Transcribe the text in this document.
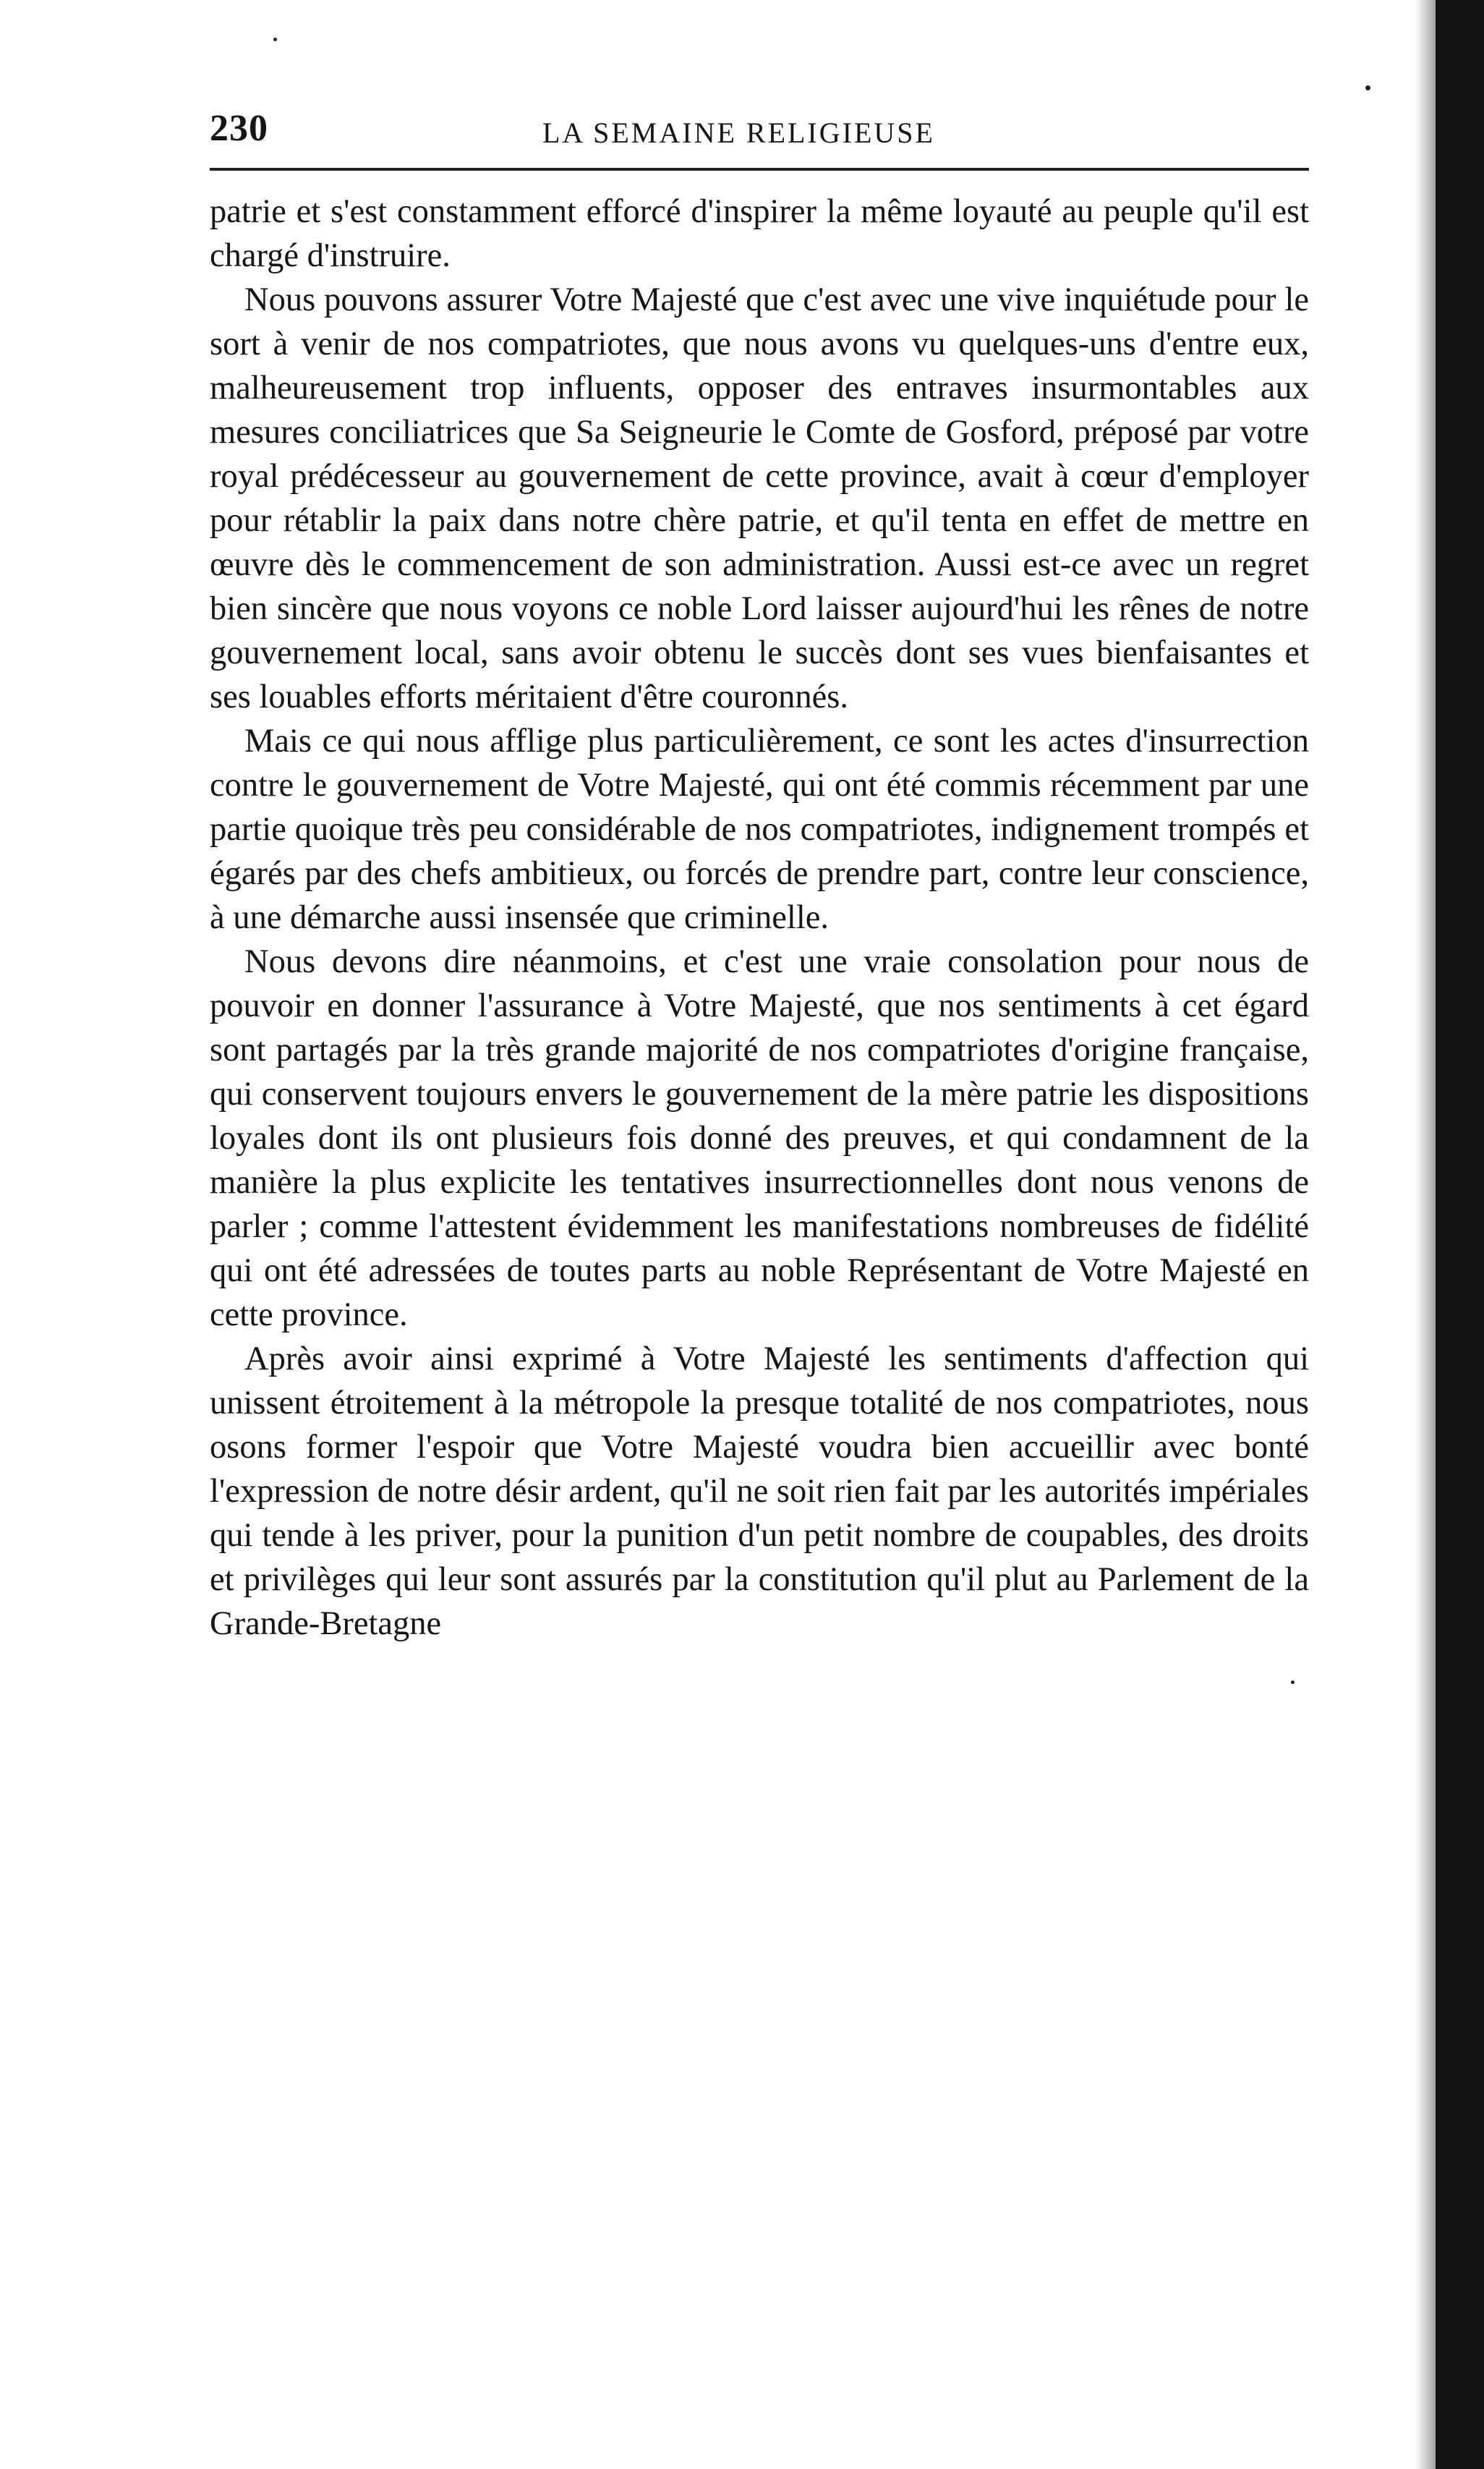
230	LA SEMAINE RELIGIEUSE

patrie et s'est constamment efforcé d'inspirer la même loyauté au peuple qu'il est chargé d'instruire.

Nous pouvons assurer Votre Majesté que c'est avec une vive inquiétude pour le sort à venir de nos compatriotes, que nous avons vu quelques-uns d'entre eux, malheureusement trop influents, opposer des entraves insurmontables aux mesures conciliatrices que Sa Seigneurie le Comte de Gosford, préposé par votre royal prédécesseur au gouvernement de cette province, avait à cœur d'employer pour rétablir la paix dans notre chère patrie, et qu'il tenta en effet de mettre en œuvre dès le commencement de son administration. Aussi est-ce avec un regret bien sincère que nous voyons ce noble Lord laisser aujourd'hui les rênes de notre gouvernement local, sans avoir obtenu le succès dont ses vues bienfaisantes et ses louables efforts méritaient d'être couronnés.

Mais ce qui nous afflige plus particulièrement, ce sont les actes d'insurrection contre le gouvernement de Votre Majesté, qui ont été commis récemment par une partie quoique très peu considérable de nos compatriotes, indignement trompés et égarés par des chefs ambitieux, ou forcés de prendre part, contre leur conscience, à une démarche aussi insensée que criminelle.

Nous devons dire néanmoins, et c'est une vraie consolation pour nous de pouvoir en donner l'assurance à Votre Majesté, que nos sentiments à cet égard sont partagés par la très grande majorité de nos compatriotes d'origine française, qui conservent toujours envers le gouvernement de la mère patrie les dispositions loyales dont ils ont plusieurs fois donné des preuves, et qui condamnent de la manière la plus explicite les tentatives insurrectionnelles dont nous venons de parler ; comme l'attestent évidemment les manifestations nombreuses de fidélité qui ont été adressées de toutes parts au noble Représentant de Votre Majesté en cette province.

Après avoir ainsi exprimé à Votre Majesté les sentiments d'affection qui unissent étroitement à la métropole la presque totalité de nos compatriotes, nous osons former l'espoir que Votre Majesté voudra bien accueillir avec bonté l'expression de notre désir ardent, qu'il ne soit rien fait par les autorités impériales qui tende à les priver, pour la punition d'un petit nombre de coupables, des droits et privilèges qui leur sont assurés par la constitution qu'il plut au Parlement de la Grande-Bretagne
